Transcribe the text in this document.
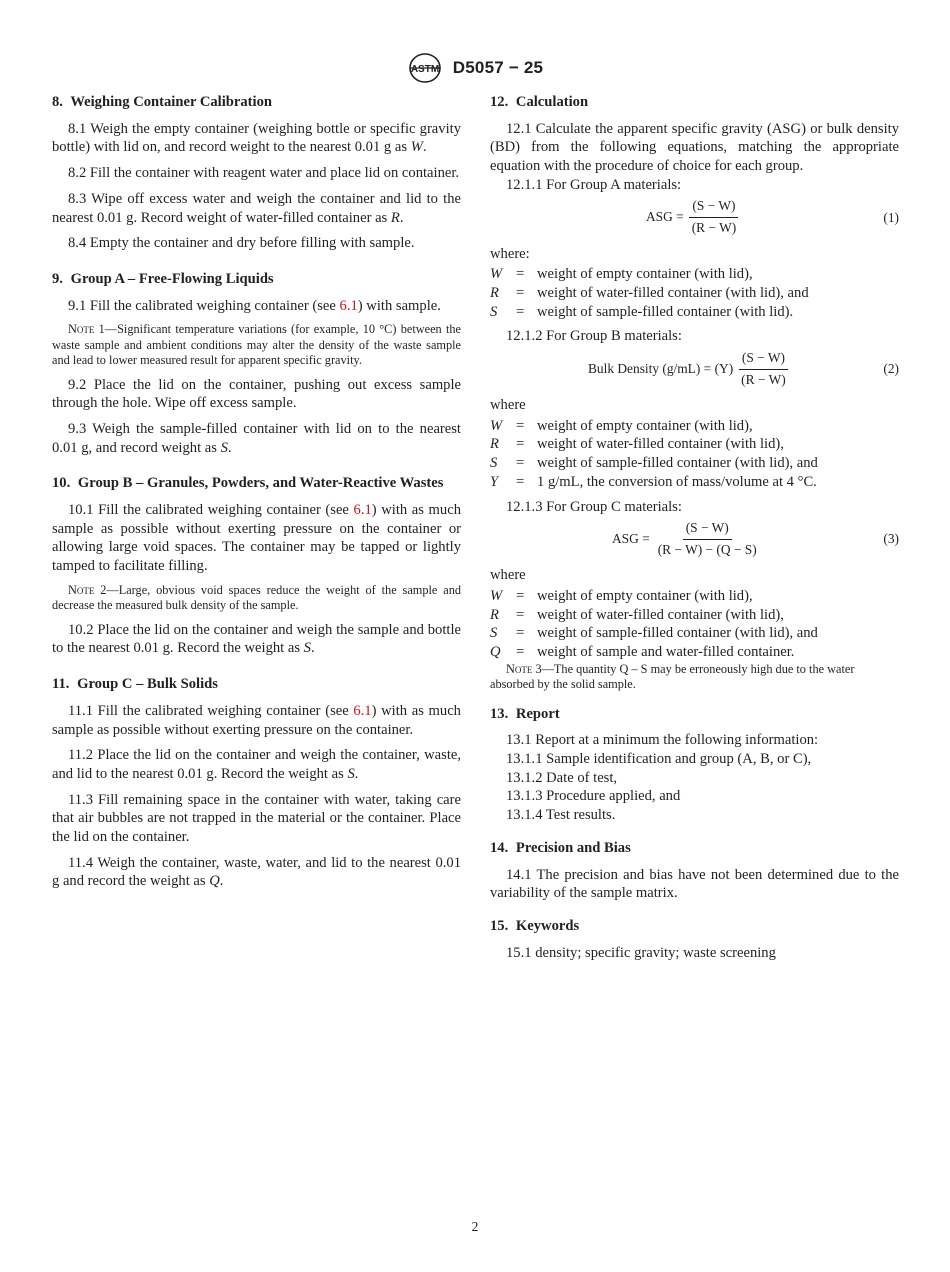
ASTM D5057 − 25
8. Weighing Container Calibration

8.1 Weigh the empty container (weighing bottle or specific gravity bottle) with lid on, and record weight to the nearest 0.01 g as W.

8.2 Fill the container with reagent water and place lid on container.

8.3 Wipe off excess water and weigh the container and lid to the nearest 0.01 g. Record weight of water-filled container as R.

8.4 Empty the container and dry before filling with sample.

9. Group A – Free-Flowing Liquids

9.1 Fill the calibrated weighing container (see 6.1) with sample.

Note 1—Significant temperature variations (for example, 10 °C) between the waste sample and ambient conditions may alter the density of the waste sample and lead to lower measured result for apparent specific gravity.

9.2 Place the lid on the container, pushing out excess sample through the hole. Wipe off excess sample.

9.3 Weigh the sample-filled container with lid on to the nearest 0.01 g, and record weight as S.

10. Group B – Granules, Powders, and Water-Reactive Wastes

10.1 Fill the calibrated weighing container (see 6.1) with as much sample as possible without exerting pressure on the container or allowing large void spaces. The container may be tapped or lightly tamped to facilitate filling.

Note 2—Large, obvious void spaces reduce the weight of the sample and decrease the measured bulk density of the sample.

10.2 Place the lid on the container and weigh the sample and bottle to the nearest 0.01 g. Record the weight as S.

11. Group C – Bulk Solids

11.1 Fill the calibrated weighing container (see 6.1) with as much sample as possible without exerting pressure on the container.

11.2 Place the lid on the container and weigh the container, waste, and lid to the nearest 0.01 g. Record the weight as S.

11.3 Fill remaining space in the container with water, taking care that air bubbles are not trapped in the material or the container. Place the lid on the container.

11.4 Weigh the container, waste, water, and lid to the nearest 0.01 g and record the weight as Q.

12. Calculation

12.1 Calculate the apparent specific gravity (ASG) or bulk density (BD) from the following equations, matching the appropriate equation with the procedure of choice for each group.

12.1.1 For Group A materials:

ASG = $\frac{(S - W)}{(R - W)}$	(1)
where:
W = weight of empty container (with lid),
R	= weight of water-filled container (with lid), and
S	= weight of sample-filled container (with lid).

12.1.2 For Group B materials:

Bulk Density $(g/mL) = (Y) \frac{(S - W)}{(R - W)}$	(2)
where
W = weight of empty container (with lid),
R	= weight of water-filled container (with lid),
S	= weight of sample-filled container (with lid), and
Y	= 1 g/mL, the conversion of mass/volume at 4 °C.

12.1.3 For Group C materials:

ASG = $\frac{(S - W)}{(R - W) - (Q - S)}$	(3)
where
W = weight of empty container (with lid),
R	= weight of water-filled container (with lid),
S	= weight of sample-filled container (with lid), and
Q	= weight of sample and water-filled container.

Note 3—The quantity Q – S may be erroneously high due to the water absorbed by the solid sample.

13. Report

13.1 Report at a minimum the following information:

13.1.1 Sample identification and group (A, B, or C),

13.1.2 Date of test,

13.1.3 Procedure applied, and

13.1.4 Test results.

14. Precision and Bias

14.1 The precision and bias have not been determined due to the variability of the sample matrix.

15. Keywords

15.1 density; specific gravity; waste screening

2
